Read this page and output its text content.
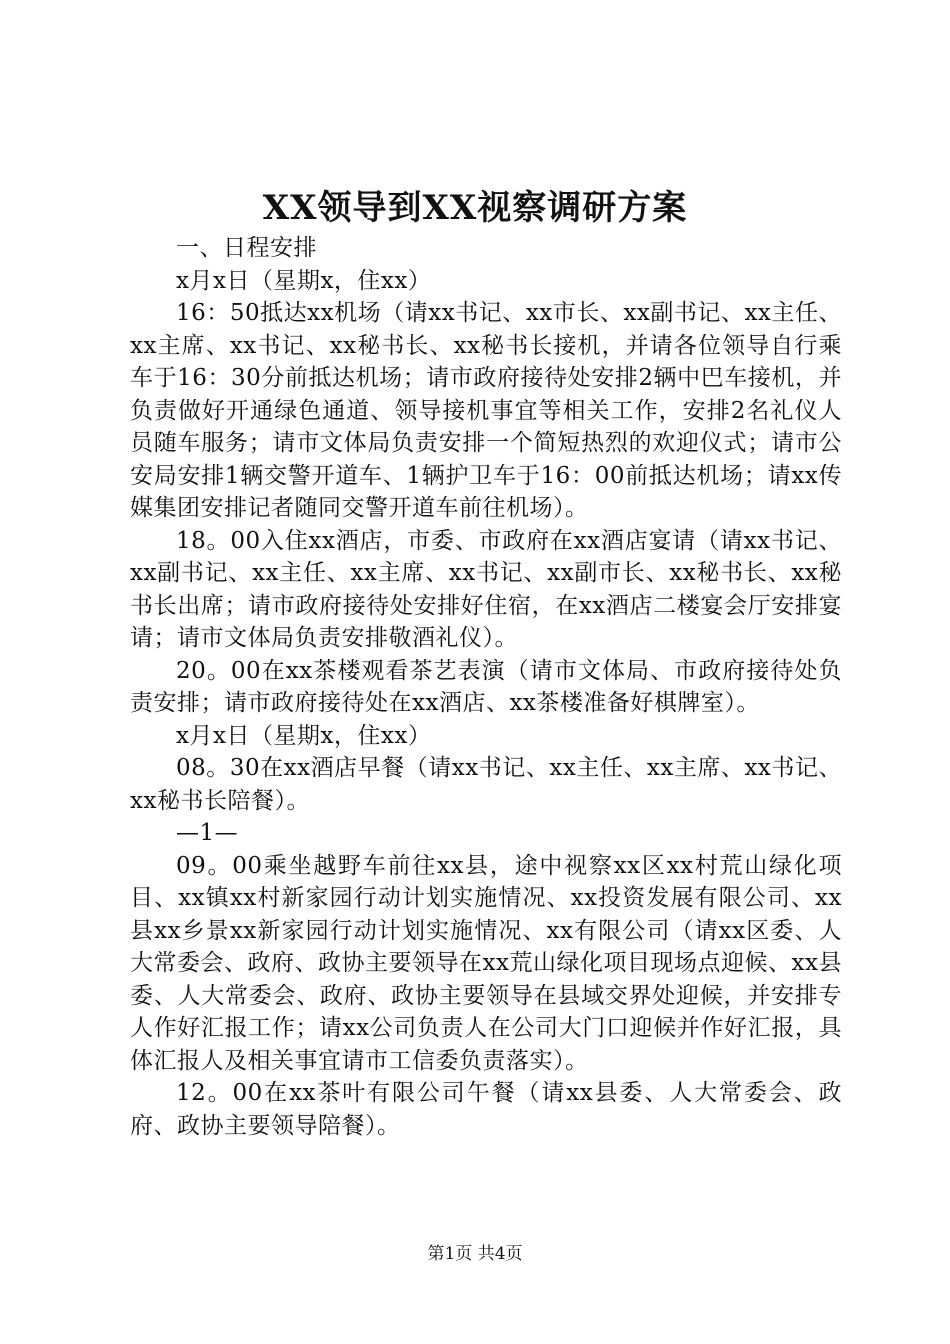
XX领导到XX视察调研方案

一、日程安排

x月x日（星期x，住xx）

16：50抵达xx机场（请xx书记、xx市长、xx副书记、xx主任、xx主席、xx书记、xx秘书长、xx秘书长接机，并请各位领导自行乘车于16：30分前抵达机场；请市政府接待处安排2辆中巴车接机，并负责做好开通绿色通道、领导接机事宜等相关工作，安排2名礼仪人员随车服务；请市文体局负责安排一个简短热烈的欢迎仪式；请市公安局安排1辆交警开道车、1辆护卫车于16：00前抵达机场；请xx传媒集团安排记者随同交警开道车前往机场）。

18。00入住xx酒店，市委、市政府在xx酒店宴请（请xx书记、xx副书记、xx主任、xx主席、xx书记、xx副市长、xx秘书长、xx秘书长出席；请市政府接待处安排好住宿，在xx酒店二楼宴会厅安排宴请；请市文体局负责安排敬酒礼仪）。

20。00在xx茶楼观看茶艺表演（请市文体局、市政府接待处负责安排；请市政府接待处在xx酒店、xx茶楼准备好棋牌室）。

x月x日（星期x，住xx）

08。30在xx酒店早餐（请xx书记、xx主任、xx主席、xx书记、xx秘书长陪餐）。

—1—

09。00乘坐越野车前往xx县，途中视察xx区xx村荒山绿化项目、xx镇xx村新家园行动计划实施情况、xx投资发展有限公司、xx县xx乡景xx新家园行动计划实施情况、xx有限公司（请xx区委、人大常委会、政府、政协主要领导在xx荒山绿化项目现场点迎候、xx县委、人大常委会、政府、政协主要领导在县域交界处迎候，并安排专人作好汇报工作；请xx公司负责人在公司大门口迎候并作好汇报，具体汇报人及相关事宜请市工信委负责落实）。

12。00在xx茶叶有限公司午餐（请xx县委、人大常委会、政府、政协主要领导陪餐）。

第1页 共4页
